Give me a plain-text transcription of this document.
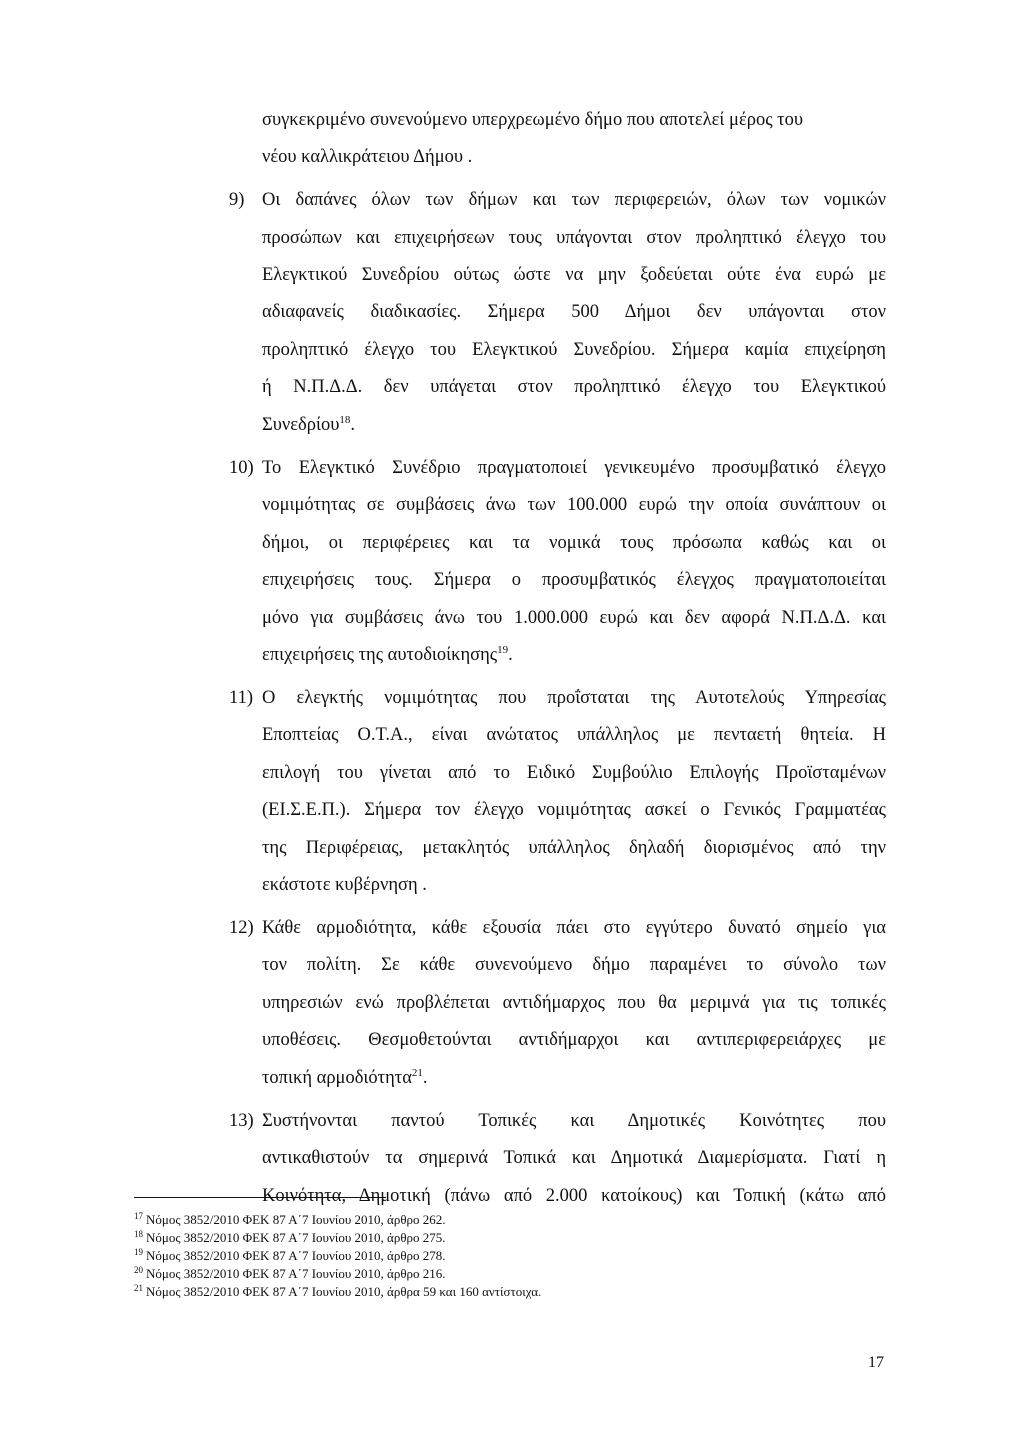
συγκεκριμένο συνενούμενο υπερχρεωμένο δήμο που αποτελεί μέρος του
νέου καλλικράτειου Δήμου .
9) Οι δαπάνες όλων των δήμων και των περιφερειών, όλων των νομικών
προσώπων και επιχειρήσεων τους υπάγονται στον προληπτικό έλεγχο του
Ελεγκτικού Συνεδρίου ούτως ώστε να μην ξοδεύεται ούτε ένα ευρώ με
αδιαφανείς διαδικασίες. Σήμερα 500 Δήμοι δεν υπάγονται στον
προληπτικό έλεγχο του Ελεγκτικού Συνεδρίου. Σήμερα καμία επιχείρηση
ή Ν.Π.Δ.Δ. δεν υπάγεται στον προληπτικό έλεγχο του Ελεγκτικού
Συνεδρίου$^{18}$.
10) Το Ελεγκτικό Συνέδριο πραγματοποιεί γενικευμένο προσυμβατικό έλεγχο
νομιμότητας σε συμβάσεις άνω των 100.000 ευρώ την οποία συνάπτουν οι
δήμοι, οι περιφέρειες και τα νομικά τους πρόσωπα καθώς και οι
επιχειρήσεις τους. Σήμερα ο προσυμβατικός έλεγχος πραγματοποιείται
μόνο για συμβάσεις άνω του 1.000.000 ευρώ και δεν αφορά Ν.Π.Δ.Δ. και
επιχειρήσεις της αυτοδιοίκησης$^{19}$.
11) Ο ελεγκτής νομιμότητας που προΐσταται της Αυτοτελούς Υπηρεσίας
Εποπτείας Ο.Τ.Α., είναι ανώτατος υπάλληλος με πενταετή θητεία. Η
επιλογή του γίνεται από το Ειδικό Συμβούλιο Επιλογής Προϊσταμένων
(ΕΙ.Σ.Ε.Π.). Σήμερα τον έλεγχο νομιμότητας ασκεί ο Γενικός Γραμματέας
της Περιφέρειας, μετακλητός υπάλληλος δηλαδή διορισμένος από την
εκάστοτε κυβέρνηση .
12) Κάθε αρμοδιότητα, κάθε εξουσία πάει στο εγγύτερο δυνατό σημείο για
τον πολίτη. Σε κάθε συνενούμενο δήμο παραμένει το σύνολο των
υπηρεσιών ενώ προβλέπεται αντιδήμαρχος που θα μεριμνά για τις τοπικές
υποθέσεις. Θεσμοθετούνται αντιδήμαρχοι και αντιπεριφερειάρχες με
τοπική αρμοδιότητα$^{21}$.
13) Συστήνονται παντού Τοπικές και Δημοτικές Κοινότητες που
αντικαθιστούν τα σημερινά Τοπικά και Δημοτικά Διαμερίσματα. Γιατί η
Κοινότητα, Δημοτική (πάνω από 2.000 κατοίκους) και Τοπική (κάτω από
$^{17}$ Νόμος 3852/2010 ΦΕΚ 87 Α΄7 Ιουνίου 2010, άρθρο 262.
$^{18}$ Νόμος 3852/2010 ΦΕΚ 87 Α΄7 Ιουνίου 2010, άρθρο 275.
$^{19}$ Νόμος 3852/2010 ΦΕΚ 87 Α΄7 Ιουνίου 2010, άρθρο 278.
$^{20}$ Νόμος 3852/2010 ΦΕΚ 87 Α΄7 Ιουνίου 2010, άρθρο 216.
$^{21}$ Νόμος 3852/2010 ΦΕΚ 87 Α΄7 Ιουνίου 2010, άρθρα 59 και 160 αντίστοιχα.
17
